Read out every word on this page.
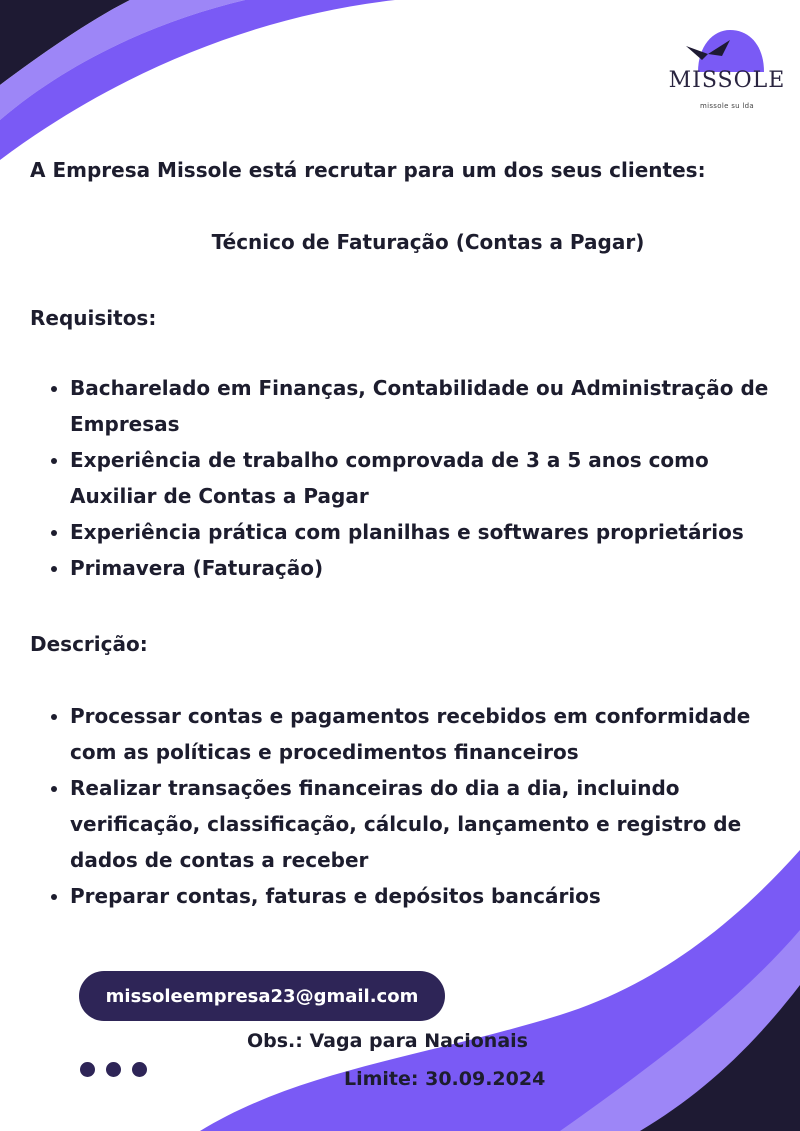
MISSOLE
missole su lda

A Empresa Missole está recrutar para um dos seus clientes:

Técnico de Faturação (Contas a Pagar)

Requisitos:

• Bacharelado em Finanças, Contabilidade ou Administração de Empresas
• Experiência de trabalho comprovada de 3 a 5 anos como Auxiliar de Contas a Pagar
• Experiência prática com planilhas e softwares proprietários
• Primavera (Faturação)

Descrição:

• Processar contas e pagamentos recebidos em conformidade com as políticas e procedimentos financeiros
• Realizar transações financeiras do dia a dia, incluindo verificação, classificação, cálculo, lançamento e registro de dados de contas a receber
• Preparar contas, faturas e depósitos bancários
missoleempresa23@gmail.com

Obs.: Vaga para Nacionais

Limite: 30.09.2024
